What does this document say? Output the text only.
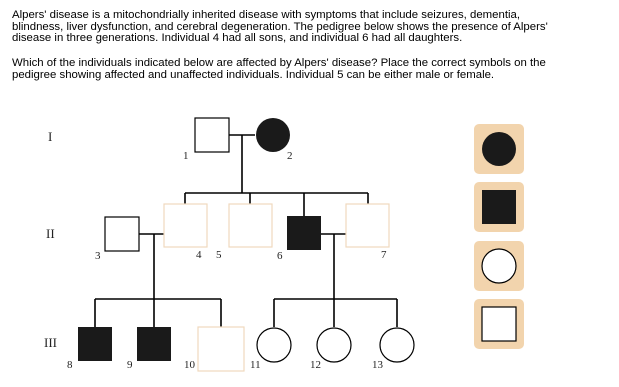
Alpers' disease is a mitochondrially inherited disease with symptoms that include seizures, dementia,
blindness, liver dysfunction, and cerebral degeneration. The pedigree below shows the presence of Alpers'
disease in three generations. Individual 4 had all sons, and individual 6 had all daughters.
Which of the individuals indicated below are affected by Alpers' disease? Place the correct symbols on the
pedigree showing affected and unaffected individuals. Individual 5 can be either male or female.
I
II
III
1	2
3	4 5	6	7
8	9	10	11	12	13
